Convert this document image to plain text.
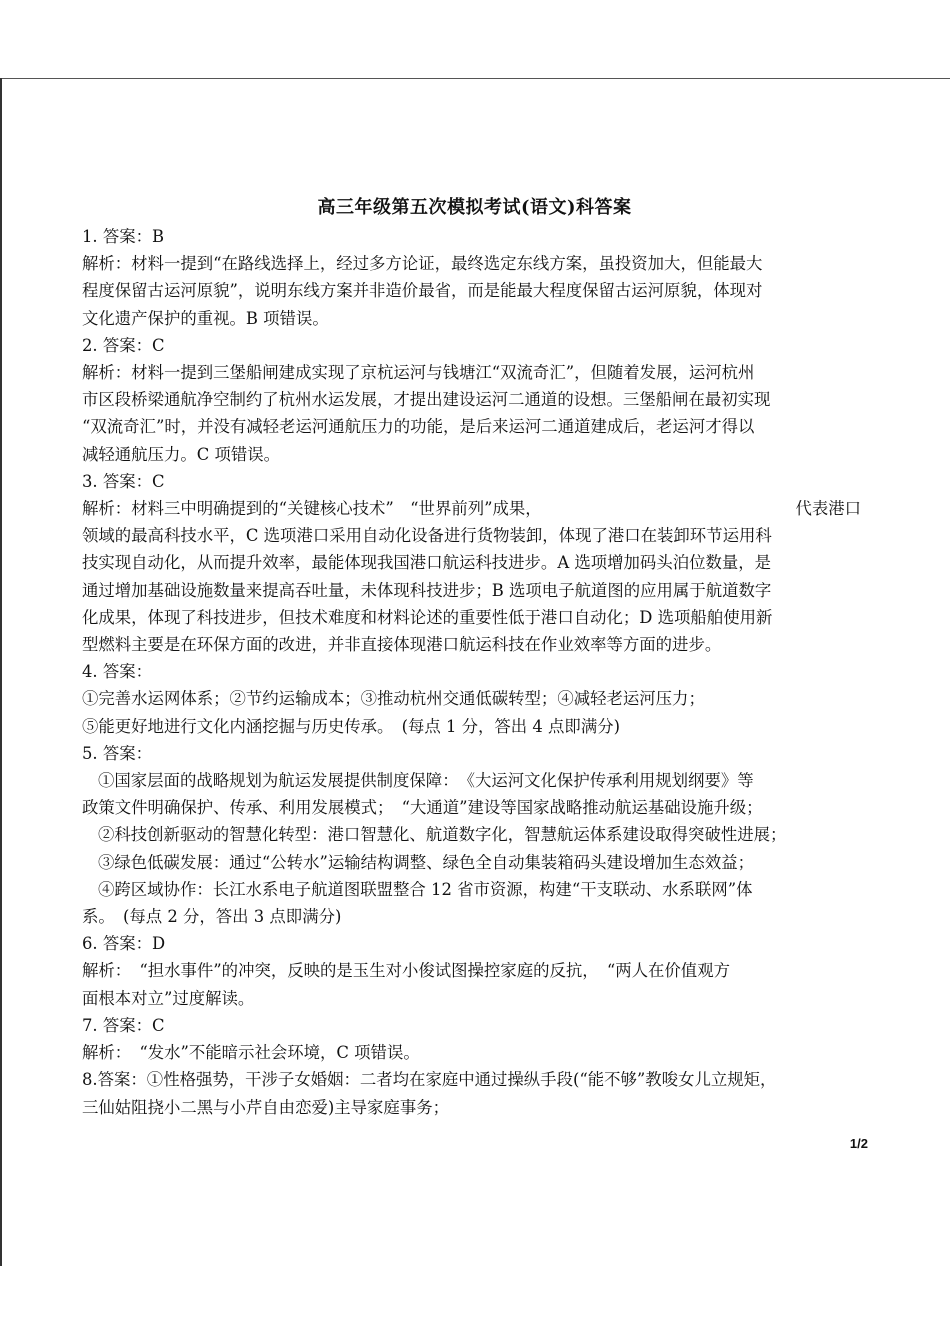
高三年级第五次模拟考试(语文)科答案

1. 答案：B

解析：材料一提到“在路线选择上，经过多方论证，最终选定东线方案，虽投资加大，但能最大

程度保留古运河原貌”，说明东线方案并非造价最省，而是能最大程度保留古运河原貌，体现对

文化遗产保护的重视。B 项错误。

2. 答案：C

解析：材料一提到三堡船闸建成实现了京杭运河与钱塘江“双流奇汇”，但随着发展，运河杭州

市区段桥梁通航净空制约了杭州水运发展，才提出建设运河二通道的设想。三堡船闸在最初实现

“双流奇汇”时，并没有减轻老运河通航压力的功能，是后来运河二通道建成后，老运河才得以

减轻通航压力。C 项错误。

3. 答案：C

解析：材料三中明确提到的“关键核心技术”　“世界前列”成果，	代表港口

领域的最高科技水平，C 选项港口采用自动化设备进行货物装卸，体现了港口在装卸环节运用科

技实现自动化，从而提升效率，最能体现我国港口航运科技进步。A 选项增加码头泊位数量，是

通过增加基础设施数量来提高吞吐量，未体现科技进步；B 选项电子航道图的应用属于航道数字

化成果，体现了科技进步，但技术难度和材料论述的重要性低于港口自动化；D 选项船舶使用新

型燃料主要是在环保方面的改进，并非直接体现港口航运科技在作业效率等方面的进步。

4. 答案：

①完善水运网体系；②节约运输成本；③推动杭州交通低碳转型；④减轻老运河压力；

⑤能更好地进行文化内涵挖掘与历史传承。　(每点 1 分，答出 4 点即满分)

5. 答案：

①国家层面的战略规划为航运发展提供制度保障：　《大运河文化保护传承利用规划纲要》等

政策文件明确保护、传承、利用发展模式；　“大通道”建设等国家战略推动航运基础设施升级；

②科技创新驱动的智慧化转型：港口智慧化、航道数字化，智慧航运体系建设取得突破性进展；

③绿色低碳发展：通过“公转水”运输结构调整、绿色全自动集装箱码头建设增加生态效益；

④跨区域协作：长江水系电子航道图联盟整合 12 省市资源，构建“干支联动、水系联网”体

系。　(每点 2 分，答出 3 点即满分)

6. 答案：D

解析：　“担水事件”的冲突，反映的是玉生对小俊试图操控家庭的反抗，　“两人在价值观方

面根本对立”过度解读。

7. 答案：C

解析：　“发水”不能暗示社会环境，C 项错误。

8.答案：①性格强势，干涉子女婚姻：二者均在家庭中通过操纵手段(“能不够”教唆女儿立规矩，

三仙姑阻挠小二黑与小芹自由恋爱)主导家庭事务；

1/2
